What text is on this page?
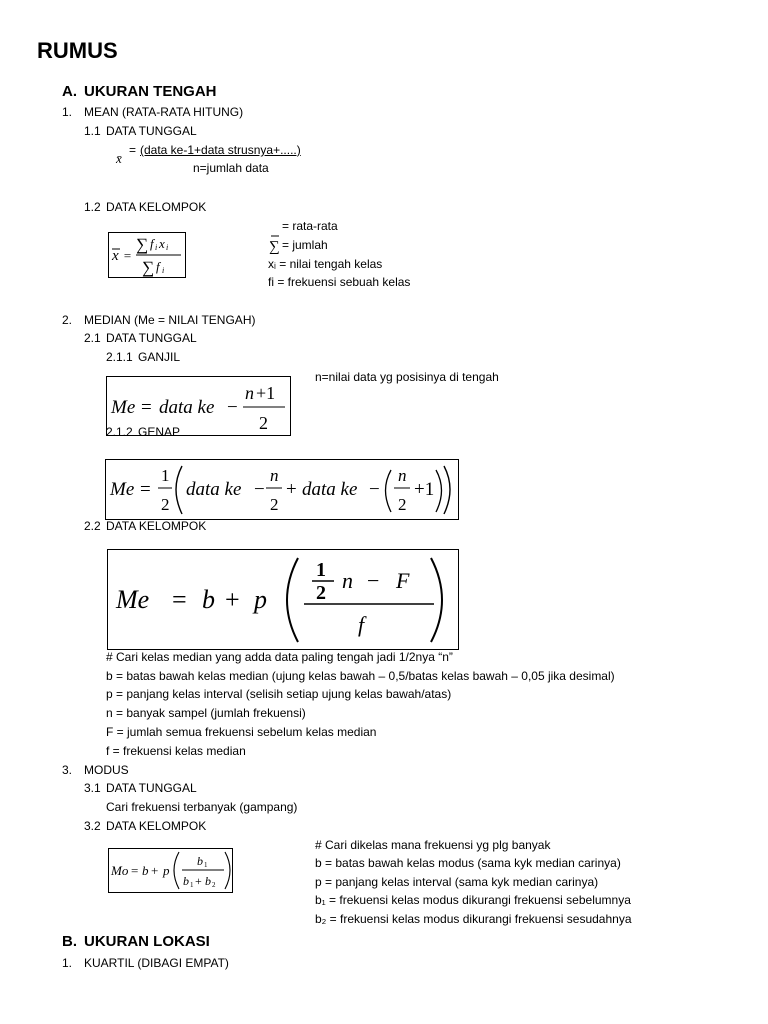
RUMUS
A. UKURAN TENGAH
1. MEAN (RATA-RATA HITUNG)
1.1 DATA TUNGGAL
x̄
= (data ke-1+data strusnya+.....)
n=jumlah data
1.2 DATA KELOMPOK
x =
∑ f i x i
∑ f i
∑
= rata-rata
= jumlah
xᵢ = nilai tengah kelas
fi = frekuensi sebuah kelas
2. MEDIAN (Me = NILAI TENGAH)
2.1 DATA TUNGGAL
2.1.1 GANJIL
n=nilai data yg posisinya di tengah
Me = data ke −
n +1
2
2.1.2 GENAP
Me =
1
2
data ke −
n
2
+ data ke −
n
2
+1
2.2 DATA KELOMPOK
Me = b + p
1
2 n − F
f
# Cari kelas median yang adda data paling tengah jadi 1/2nya “n”
b = batas bawah kelas median (ujung kelas bawah – 0,5/batas kelas bawah – 0,05 jika desimal)
p = panjang kelas interval (selisih setiap ujung kelas bawah/atas)
n = banyak sampel (jumlah frekuensi)
F = jumlah semua frekuensi sebelum kelas median
f = frekuensi kelas median
3. MODUS
3.1 DATA TUNGGAL
Cari frekuensi terbanyak (gampang)
3.2 DATA KELOMPOK
Mo = b + p
b 1
b 1 + b 2
# Cari dikelas mana frekuensi yg plg banyak
b = batas bawah kelas modus (sama kyk median carinya)
p = panjang kelas interval (sama kyk median carinya)
b₁ = frekuensi kelas modus dikurangi frekuensi sebelumnya
b₂ = frekuensi kelas modus dikurangi frekuensi sesudahnya
B. UKURAN LOKASI
1. KUARTIL (DIBAGI EMPAT)
